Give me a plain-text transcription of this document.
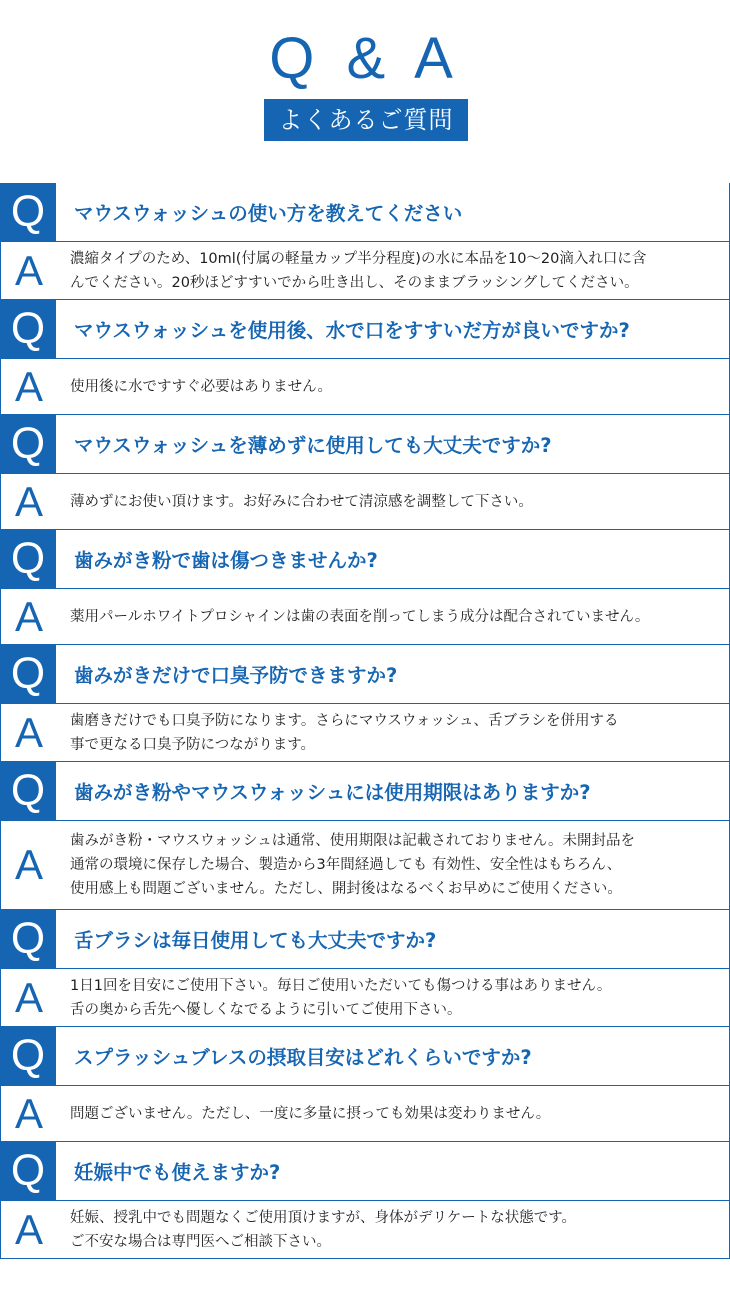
Q & A
よくあるご質問
Q	マウスウォッシュの使い方を教えてください
A	濃縮タイプのため、10ml(付属の軽量カップ半分程度)の水に本品を10〜20滴入れ口に含
んでください。20秒ほどすすいでから吐き出し、そのままブラッシングしてください。
Q	マウスウォッシュを使用後、水で口をすすいだ方が良いですか?
A	使用後に水ですすぐ必要はありません。
Q	マウスウォッシュを薄めずに使用しても大丈夫ですか?
A	薄めずにお使い頂けます。お好みに合わせて清涼感を調整して下さい。
Q	歯みがき粉で歯は傷つきませんか?
A	薬用パールホワイトプロシャインは歯の表面を削ってしまう成分は配合されていません。
Q	歯みがきだけで口臭予防できますか?
A	歯磨きだけでも口臭予防になります。さらにマウスウォッシュ、舌ブラシを併用する
事で更なる口臭予防につながります。
Q	歯みがき粉やマウスウォッシュには使用期限はありますか?
A	歯みがき粉・マウスウォッシュは通常、使用期限は記載されておりません。未開封品を
通常の環境に保存した場合、製造から3年間経過しても 有効性、安全性はもちろん、
使用感上も問題ございません。ただし、開封後はなるべくお早めにご使用ください。
Q	舌ブラシは毎日使用しても大丈夫ですか?
A	1日1回を目安にご使用下さい。毎日ご使用いただいても傷つける事はありません。
舌の奥から舌先へ優しくなでるように引いてご使用下さい。
Q	スプラッシュブレスの摂取目安はどれくらいですか?
A	問題ございません。ただし、一度に多量に摂っても効果は変わりません。
Q	妊娠中でも使えますか?
A	妊娠、授乳中でも問題なくご使用頂けますが、身体がデリケートな状態です。
ご不安な場合は専門医へご相談下さい。
